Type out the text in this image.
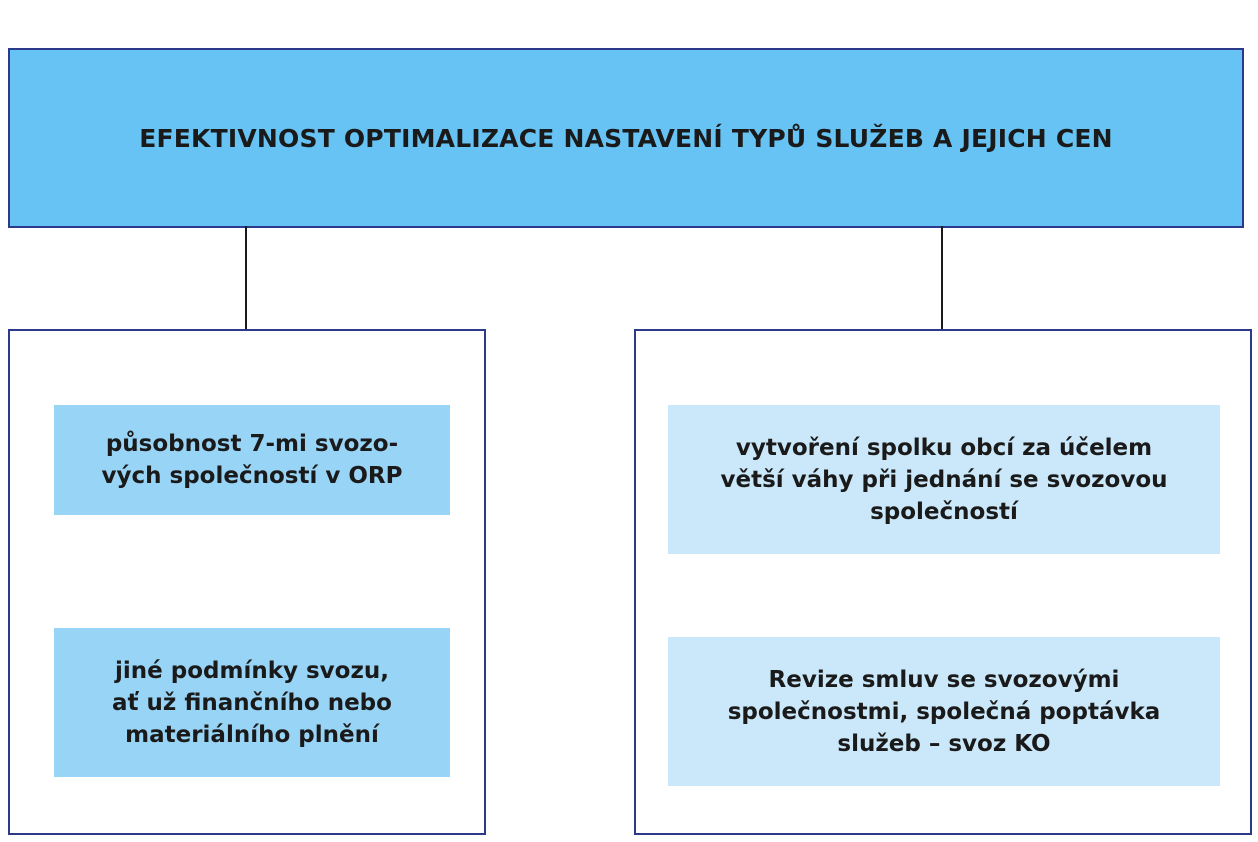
EFEKTIVNOST OPTIMALIZACE NASTAVENÍ TYPŮ SLUŽEB A JEJICH CEN
působnost 7-mi svozo-
vých společností v ORP
jiné podmínky svozu,
ať už finančního nebo
materiálního plnění
vytvoření spolku obcí za účelem
větší váhy při jednání se svozovou
společností
Revize smluv se svozovými
společnostmi, společná poptávka
služeb – svoz KO
